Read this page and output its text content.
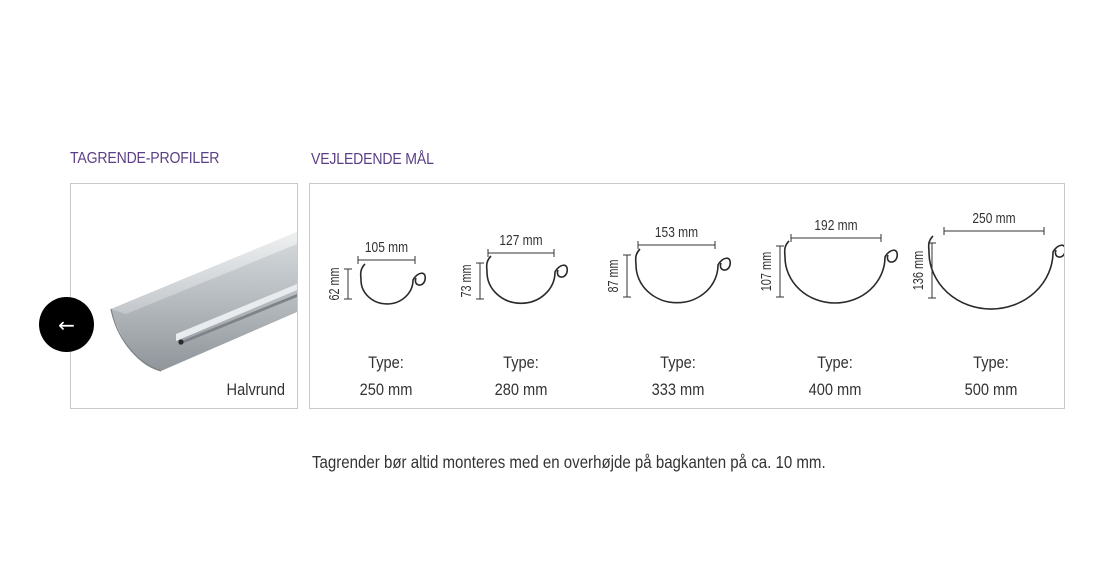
TAGRENDE-PROFILER	VEJLEDENDE MÅL
Halvrund
105 mm
62 mm
127 mm
73 mm
153 mm
87 mm
192 mm
107 mm
250 mm
136 mm
Type:
250 mm
Type:
280 mm
Type:
333 mm
Type:
400 mm
Type:
500 mm
Tagrender bør altid monteres med en overhøjde på bagkanten på ca. 10 mm.
←
